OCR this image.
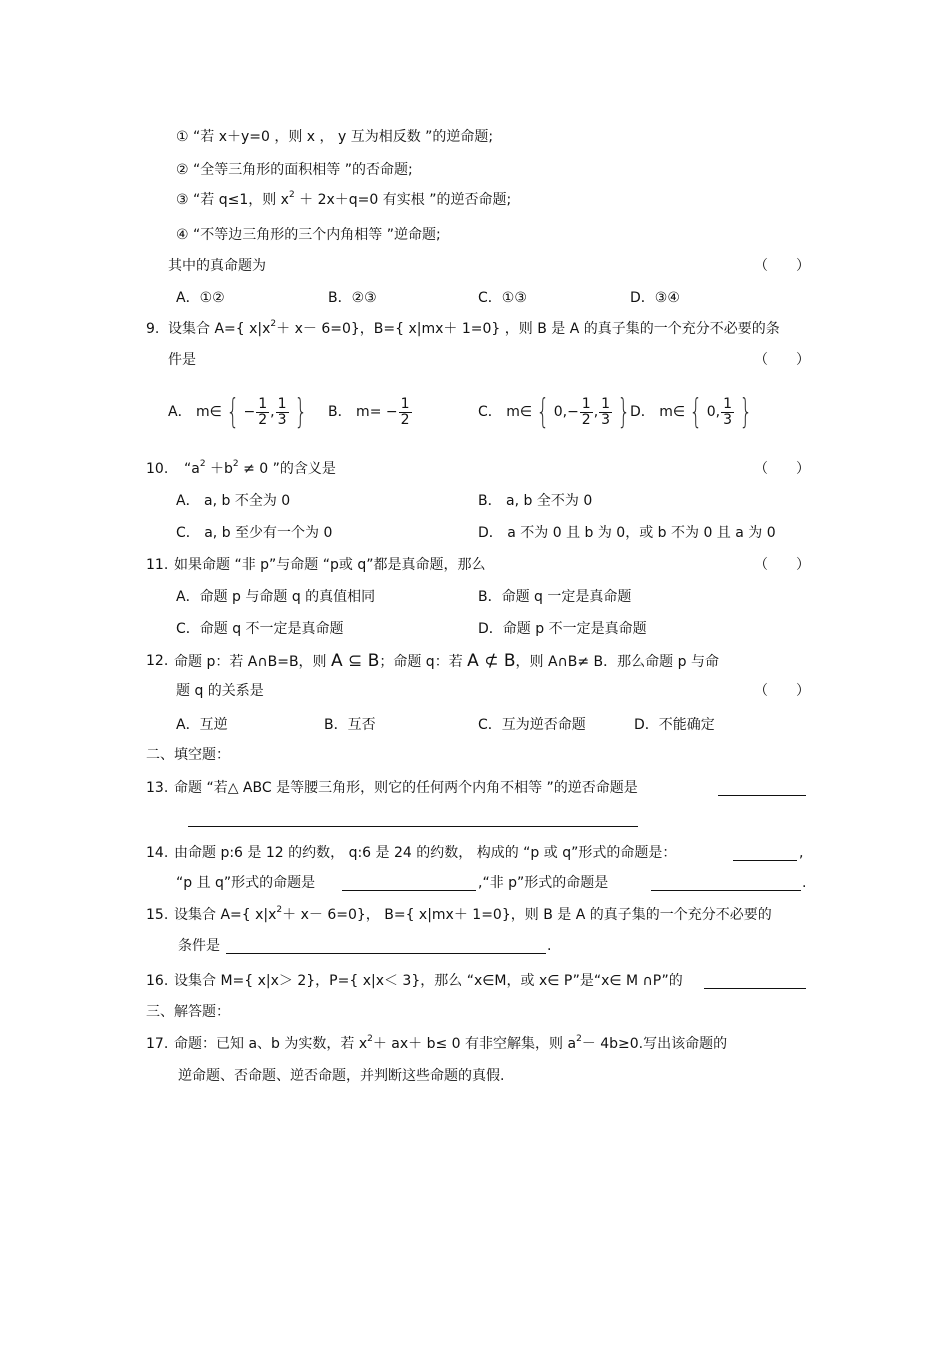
① “若 x＋y=0 ，则 x ， y 互为相反数 ”的逆命题;
② “全等三角形的面积相等 ”的否命题;
③ “若 q≤1，则 $x^2 + 2x+q=0$ 有实根 ”的逆否命题;
④ “不等边三角形的三个内角相等 ”逆命题;
其中的真命题为	（　　）
A．①②	B．②③	C．①③	D．③④
9. 设集合 A={ $x|x^2+ x- 6=0$}，B={ x|mx＋ 1=0} ，则 B 是 A 的真子集的一个充分不必要的条
件是	（　　）
A． m∈ { − $\frac{1}{2}$ , $\frac{1}{3}$ }	B． $m= - \frac{1}{2}$	C． m∈ { $0,- \frac{1}{2}$ , $\frac{1}{3}$ } D． m∈ { 0, $\frac{1}{3}$ }
10. “$a^2 +b^2 \ne 0$ ”的含义是	（　　）
A． a, b 不全为 0	B． a, b 全不为 0
C． a, b 至少有一个为 0	D． a 不为 0 且 b 为 0，或 b 不为 0 且 a 为 0
11. 如果命题 “非 p”与命题 “p或 q”都是真命题，那么	（　　）
A．命题 p 与命题 q 的真值相同	B．命题 q 一定是真命题
C．命题 q 不一定是真命题	D．命题 p 不一定是真命题
12. 命题 p：若 A∩B=B，则 A ⊆ B；命题 q：若 A ⊄ B，则 A∩B≠ B．那么命题 p 与命
题 q 的关系是	（　　）
A．互逆	B．互否	C．互为逆否命题	D．不能确定
二、填空题：
13. 命题 “若△ ABC 是等腰三角形，则它的任何两个内角不相等 ”的逆否命题是
14. 由命题 p:6 是 12 的约数， q:6 是 24 的约数， 构成的 “p 或 q”形式的命题是：	,
“p 且 q”形式的命题是	,“非 p”形式的命题是	.
15. 设集合 A={ $x|x^2+ x- 6=0$}， B={ x|mx＋ 1=0}，则 B 是 A 的真子集的一个充分不必要的
条件是	.
16. 设集合 M={ x|x＞ 2}，P={ x|x＜ 3}，那么 “x∈M，或 x∈ P”是“x∈ M ∩P”的
三、解答题：
17. 命题：已知 a、b 为实数，若 $x^2+ ax+ b\le 0$ 有非空解集，则 $a^2- 4b\ge 0$.写出该命题的
逆命题、否命题、逆否命题，并判断这些命题的真假.
